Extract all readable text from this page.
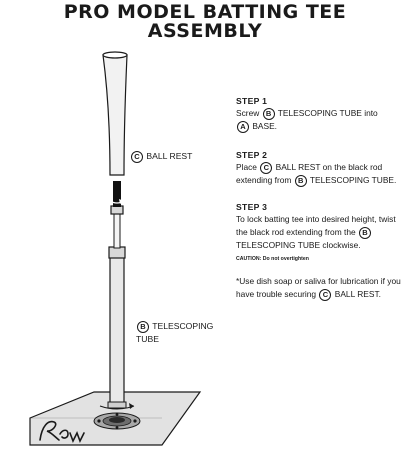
PRO MODEL BATTING TEE
ASSEMBLY
C BALL REST
B TELESCOPING
TUBE
STEP 1
Screw B TELESCOPING TUBE into A BASE.
STEP 2
Place C BALL REST on the black rod extending from B TELESCOPING TUBE.
STEP 3
To lock batting tee into desired height, twist the black rod extending from the B TELESCOPING TUBE clockwise.
CAUTION: Do not overtighten
*Use dish soap or saliva for lubrication if you have trouble securing C BALL REST.
